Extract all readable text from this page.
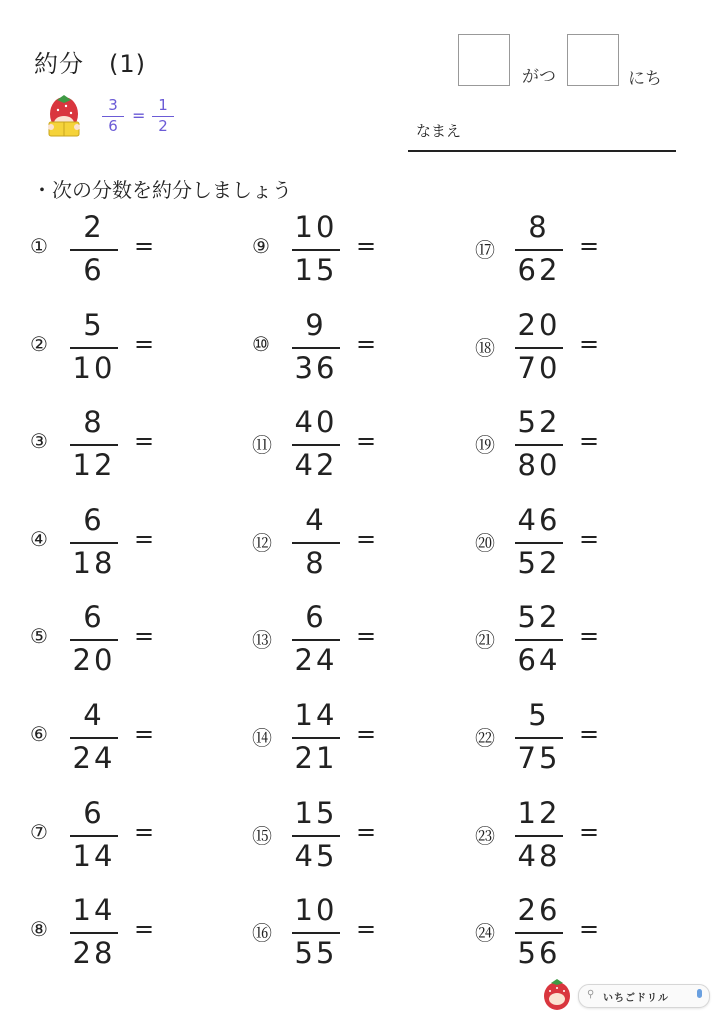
約分　(1)	がつ	にち
なまえ
3
6
=
1
2
・次の分数を約分しましょう
①
2
6
=
②
5
10
=
③
8
12
=
④
6
18
=
⑤
6
20
=
⑥
4
24
=
⑦
6
14
=
⑧
14
28
=
⑨
10
15
=
⑩
9
36
=
⑪
40
42
=
⑫
4
8
=
⑬
6
24
=
⑭
14
21
=
⑮
15
45
=
⑯
10
55
=
⑰
8
62
=
⑱
20
70
=
⑲
52
80
=
⑳
46
52
=
㉑
52
64
=
㉒
5
75
=
㉓
12
48
=
㉔
26
56
=
⚲ いちごドリル
